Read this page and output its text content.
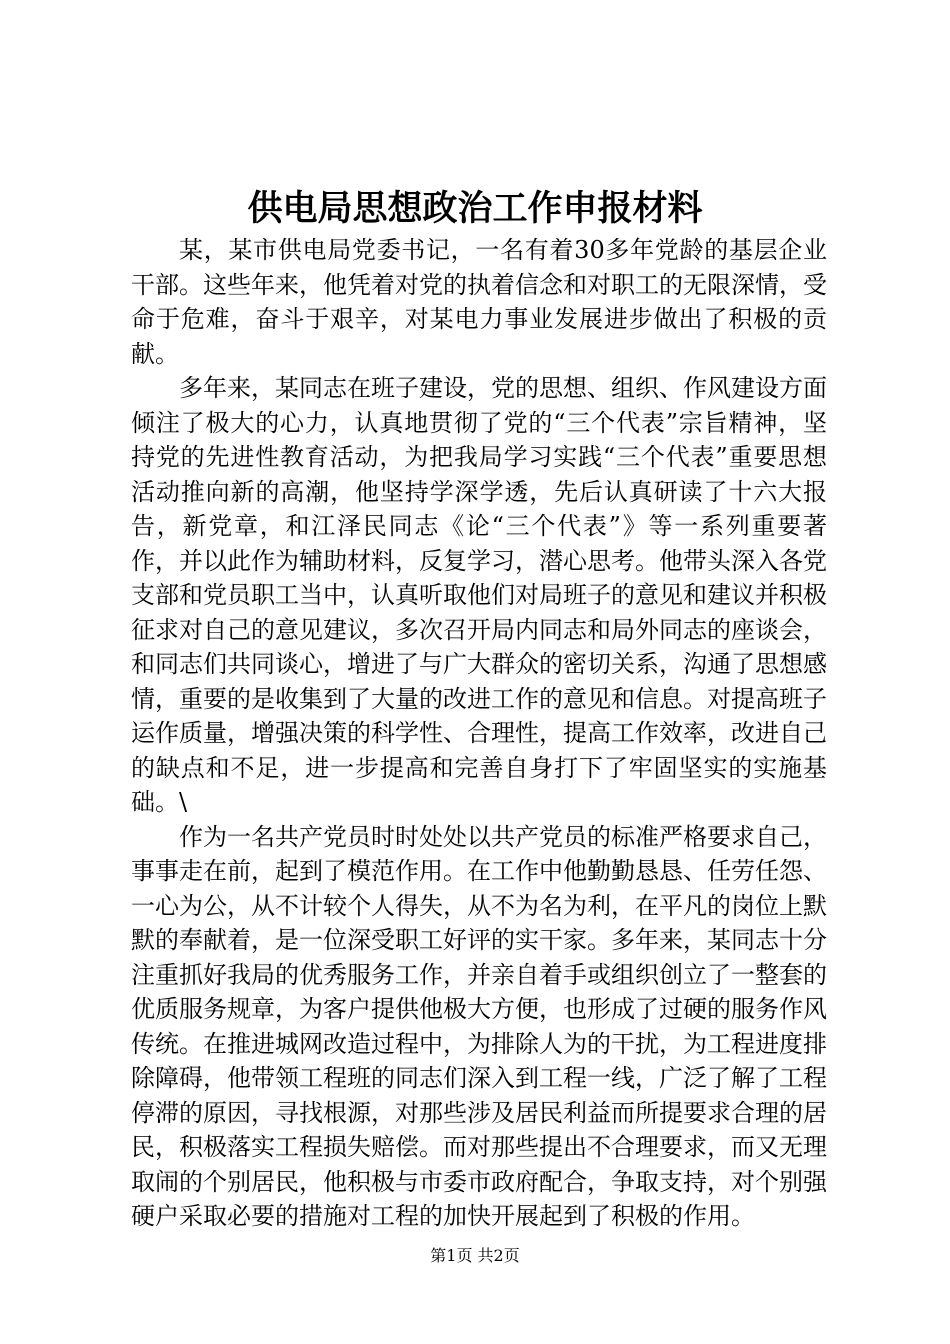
供电局思想政治工作申报材料

某，某市供电局党委书记，一名有着30多年党龄的基层企业干部。这些年来，他凭着对党的执着信念和对职工的无限深情，受命于危难，奋斗于艰辛，对某电力事业发展进步做出了积极的贡献。

多年来，某同志在班子建设，党的思想、组织、作风建设方面倾注了极大的心力，认真地贯彻了党的“三个代表”宗旨精神，坚持党的先进性教育活动，为把我局学习实践“三个代表”重要思想活动推向新的高潮，他坚持学深学透，先后认真研读了十六大报告，新党章，和江泽民同志《论“三个代表”》等一系列重要著作，并以此作为辅助材料，反复学习，潜心思考。他带头深入各党支部和党员职工当中，认真听取他们对局班子的意见和建议并积极征求对自己的意见建议，多次召开局内同志和局外同志的座谈会，和同志们共同谈心，增进了与广大群众的密切关系，沟通了思想感情，重要的是收集到了大量的改进工作的意见和信息。对提高班子运作质量，增强决策的科学性、合理性，提高工作效率，改进自己的缺点和不足，进一步提高和完善自身打下了牢固坚实的实施基础。\

作为一名共产党员时时处处以共产党员的标准严格要求自己，事事走在前，起到了模范作用。在工作中他勤勤恳恳、任劳任怨、一心为公，从不计较个人得失，从不为名为利，在平凡的岗位上默默的奉献着，是一位深受职工好评的实干家。多年来，某同志十分注重抓好我局的优秀服务工作，并亲自着手或组织创立了一整套的优质服务规章，为客户提供他极大方便，也形成了过硬的服务作风传统。在推进城网改造过程中，为排除人为的干扰，为工程进度排除障碍，他带领工程班的同志们深入到工程一线，广泛了解了工程停滞的原因，寻找根源，对那些涉及居民利益而所提要求合理的居民，积极落实工程损失赔偿。而对那些提出不合理要求，而又无理取闹的个别居民，他积极与市委市政府配合，争取支持，对个别强硬户采取必要的措施对工程的加快开展起到了积极的作用。

第1页 共2页
